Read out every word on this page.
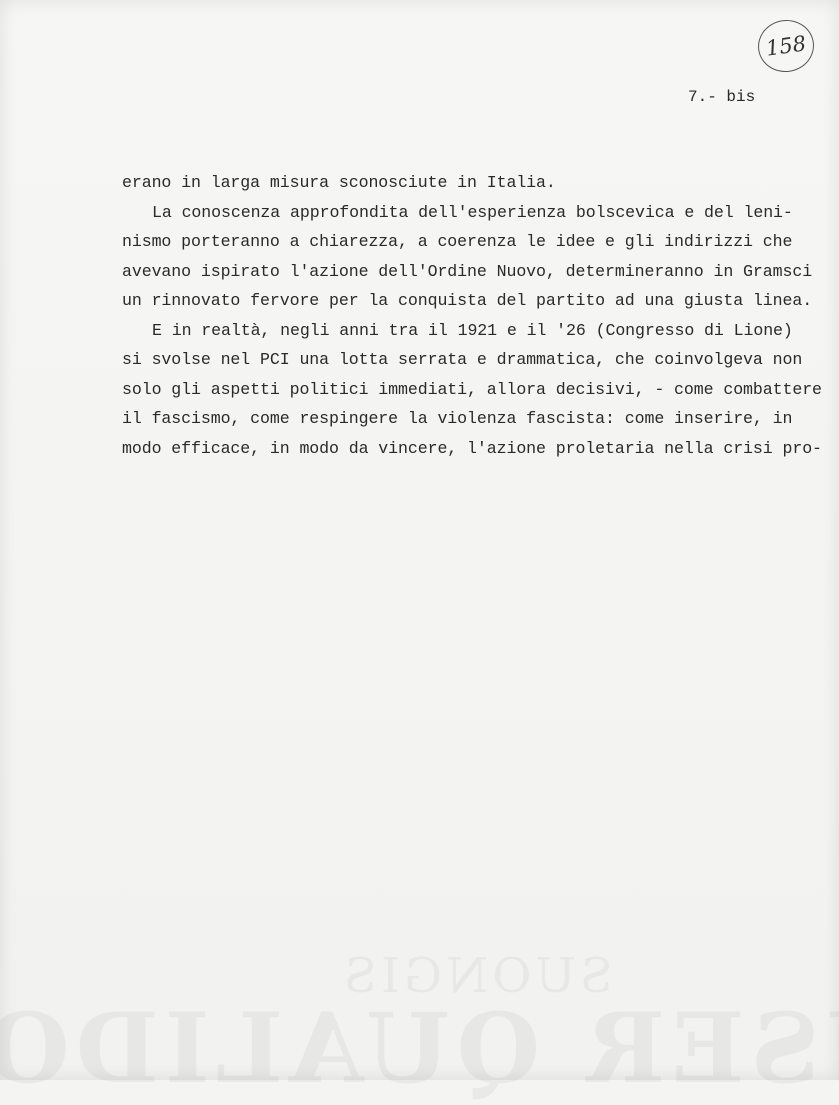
158
7.- bis
erano in larga misura sconosciute in Italia.
La conoscenza approfondita dell'esperienza bolscevica e del leni-
nismo porteranno a chiarezza, a coerenza le idee e gli indirizzi che
avevano ispirato l'azione dell'Ordine Nuovo, determineranno in Gramsci
un rinnovato fervore per la conquista del partito ad una giusta linea.
E in realtà, negli anni tra il 1921 e il '26 (Congresso di Lione)
si svolse nel PCI una lotta serrata e drammatica, che coinvolgeva non
solo gli aspetti politici immediati, allora decisivi, - come combattere
il fascismo, come respingere la violenza fascista: come inserire, in
modo efficace, in modo da vincere, l'azione proletaria nella crisi pro-
